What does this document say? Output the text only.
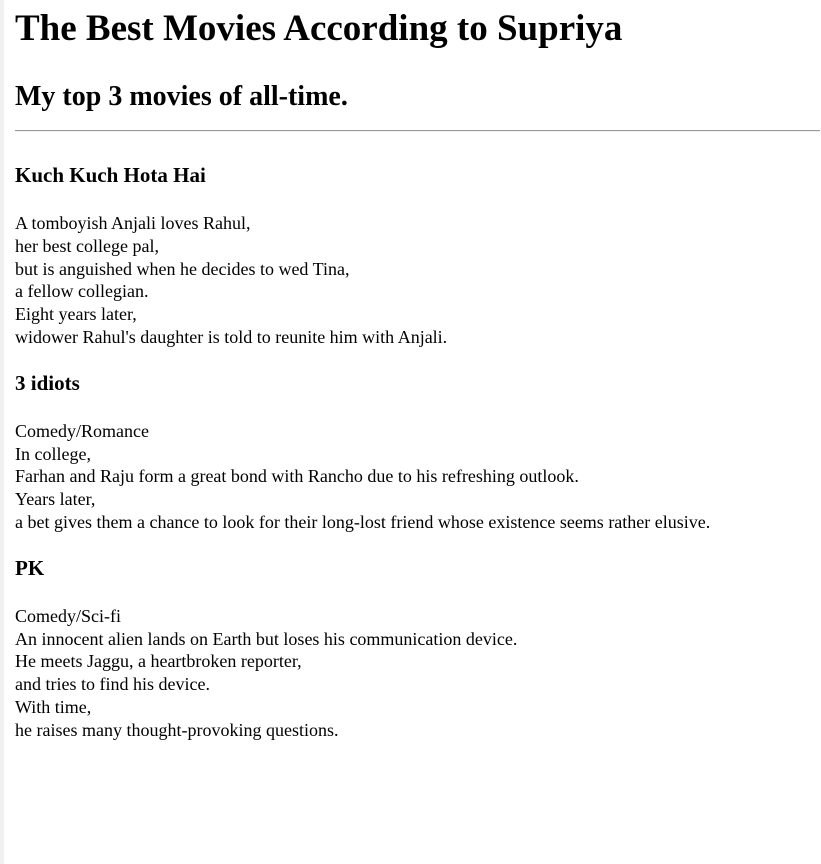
The Best Movies According to Supriya
My top 3 movies of all-time.
Kuch Kuch Hota Hai
A tomboyish Anjali loves Rahul,
her best college pal,
but is anguished when he decides to wed Tina,
a fellow collegian.
Eight years later,
widower Rahul's daughter is told to reunite him with Anjali.
3 idiots
Comedy/Romance
In college,
Farhan and Raju form a great bond with Rancho due to his refreshing outlook.
Years later,
a bet gives them a chance to look for their long-lost friend whose existence seems rather elusive.
PK
Comedy/Sci-fi
An innocent alien lands on Earth but loses his communication device.
He meets Jaggu, a heartbroken reporter,
and tries to find his device.
With time,
he raises many thought-provoking questions.
